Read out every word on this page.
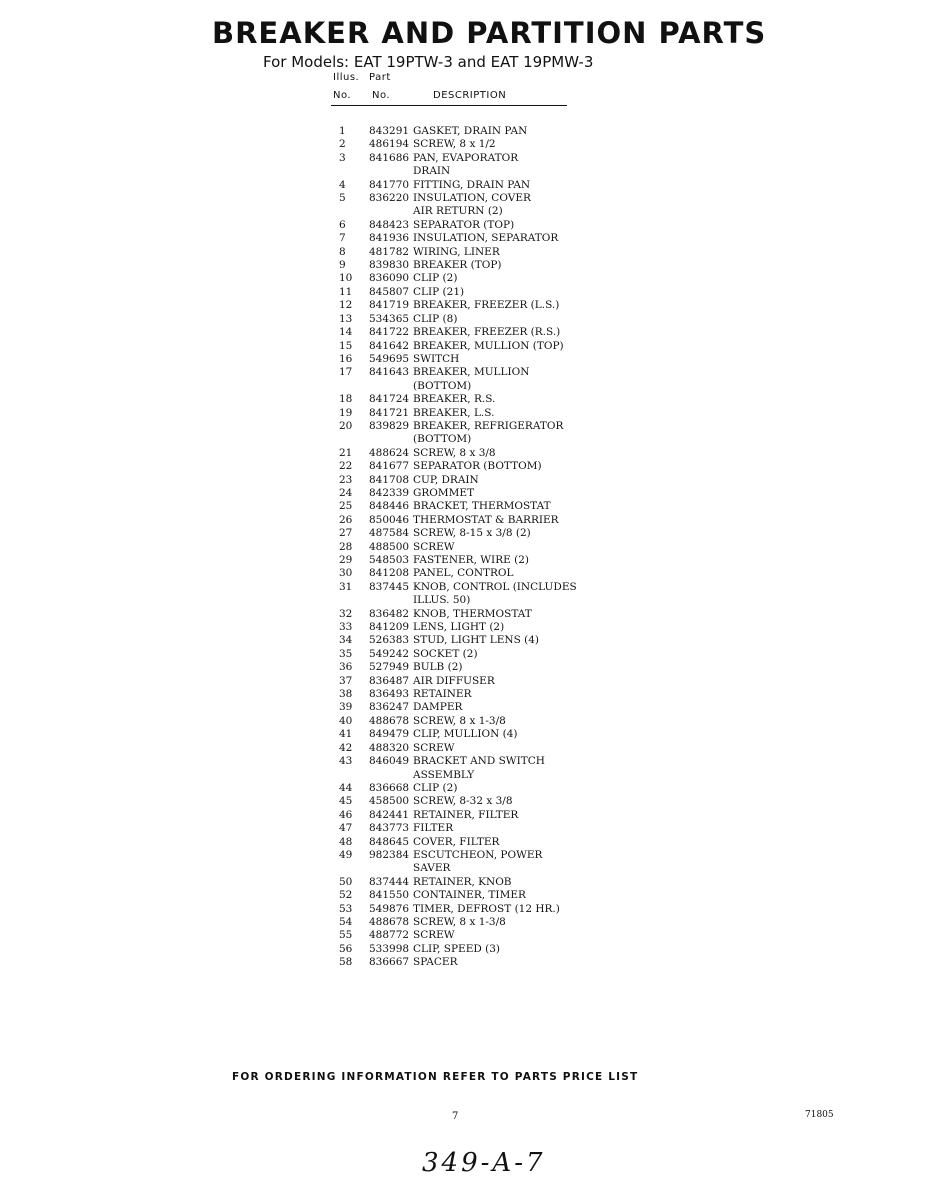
BREAKER AND PARTITION PARTS
For Models: EAT 19PTW-3 and EAT 19PMW-3
Illus. Part
No. No.	DESCRIPTION
1	843291 GASKET, DRAIN PAN
2	486194 SCREW, 8 x 1/2
3	841686 PAN, EVAPORATOR
DRAIN
4	841770 FITTING, DRAIN PAN
5	836220 INSULATION, COVER
AIR RETURN (2)
6	848423 SEPARATOR (TOP)
7	841936 INSULATION, SEPARATOR
8	481782 WIRING, LINER
9	839830 BREAKER (TOP)
10	836090 CLIP (2)
11	845807 CLIP (21)
12	841719 BREAKER, FREEZER (L.S.)
13	534365 CLIP (8)
14	841722 BREAKER, FREEZER (R.S.)
15	841642 BREAKER, MULLION (TOP)
16	549695 SWITCH
17	841643 BREAKER, MULLION
(BOTTOM)
18	841724 BREAKER, R.S.
19	841721 BREAKER, L.S.
20	839829 BREAKER, REFRIGERATOR
(BOTTOM)
21	488624 SCREW, 8 x 3/8
22	841677 SEPARATOR (BOTTOM)
23	841708 CUP, DRAIN
24	842339 GROMMET
25	848446 BRACKET, THERMOSTAT
26	850046 THERMOSTAT & BARRIER
27	487584 SCREW, 8-15 x 3/8 (2)
28	488500 SCREW
29	548503 FASTENER, WIRE (2)
30	841208 PANEL, CONTROL
31	837445 KNOB, CONTROL (INCLUDES
ILLUS. 50)
32	836482 KNOB, THERMOSTAT
33	841209 LENS, LIGHT (2)
34	526383 STUD, LIGHT LENS (4)
35	549242 SOCKET (2)
36	527949 BULB (2)
37	836487 AIR DIFFUSER
38	836493 RETAINER
39	836247 DAMPER
40	488678 SCREW, 8 x 1-3/8
41	849479 CLIP, MULLION (4)
42	488320 SCREW
43	846049 BRACKET AND SWITCH
ASSEMBLY
44	836668 CLIP (2)
45	458500 SCREW, 8-32 x 3/8
46	842441 RETAINER, FILTER
47	843773 FILTER
48	848645 COVER, FILTER
49	982384 ESCUTCHEON, POWER
SAVER
50	837444 RETAINER, KNOB
52	841550 CONTAINER, TIMER
53	549876 TIMER, DEFROST (12 HR.)
54	488678 SCREW, 8 x 1-3/8
55	488772 SCREW
56	533998 CLIP, SPEED (3)
58	836667 SPACER
FOR ORDERING INFORMATION REFER TO PARTS PRICE LIST
7	71805
349-A-7
